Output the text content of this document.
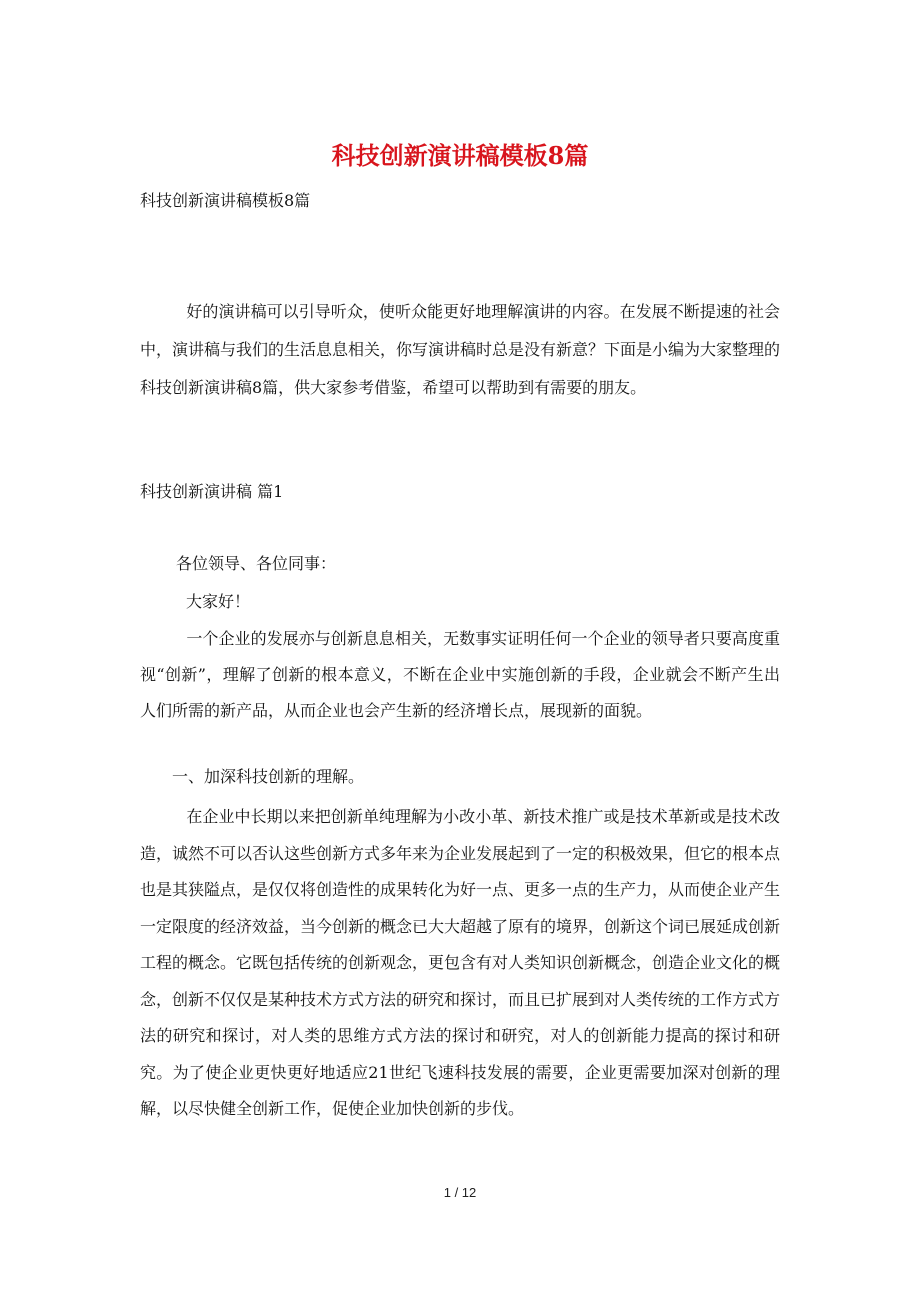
科技创新演讲稿模板8篇

科技创新演讲稿模板8篇

好的演讲稿可以引导听众，使听众能更好地理解演讲的内容。在发展不断提速的社会中，演讲稿与我们的生活息息相关，你写演讲稿时总是没有新意？下面是小编为大家整理的科技创新演讲稿8篇，供大家参考借鉴，希望可以帮助到有需要的朋友。

科技创新演讲稿 篇1

各位领导、各位同事：

大家好！

一个企业的发展亦与创新息息相关，无数事实证明任何一个企业的领导者只要高度重视“创新”，理解了创新的根本意义，不断在企业中实施创新的手段，企业就会不断产生出人们所需的新产品，从而企业也会产生新的经济增长点，展现新的面貌。

一、加深科技创新的理解。

在企业中长期以来把创新单纯理解为小改小革、新技术推广或是技术革新或是技术改造，诚然不可以否认这些创新方式多年来为企业发展起到了一定的积极效果，但它的根本点也是其狭隘点，是仅仅将创造性的成果转化为好一点、更多一点的生产力，从而使企业产生一定限度的经济效益，当今创新的概念已大大超越了原有的境界，创新这个词已展延成创新工程的概念。它既包括传统的创新观念，更包含有对人类知识创新概念，创造企业文化的概念，创新不仅仅是某种技术方式方法的研究和探讨，而且已扩展到对人类传统的工作方式方法的研究和探讨，对人类的思维方式方法的探讨和研究，对人的创新能力提高的探讨和研究。为了使企业更快更好地适应21世纪飞速科技发展的需要，企业更需要加深对创新的理解，以尽快健全创新工作，促使企业加快创新的步伐。

1 / 12
